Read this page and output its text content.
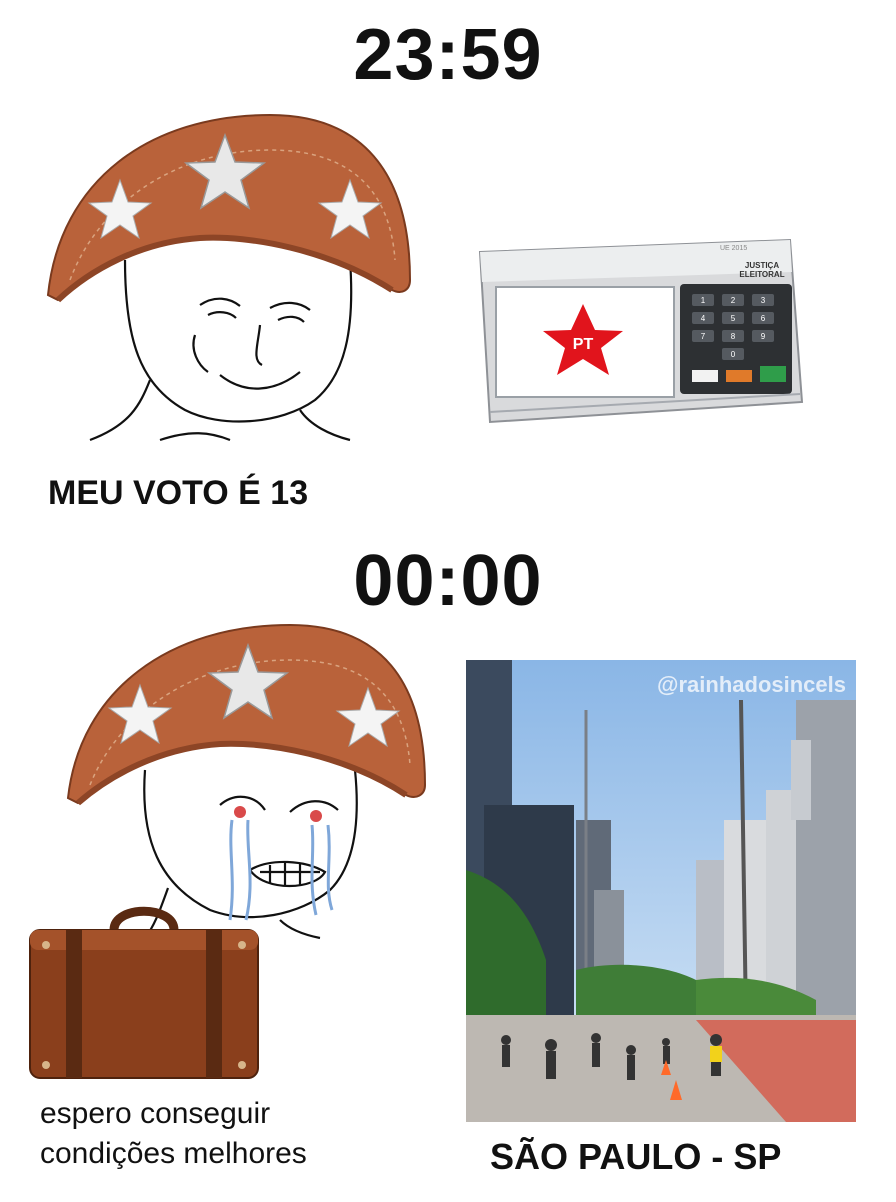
23:59
1	2	3
4	5	6
7	8	9
0
JUSTIÇA
ELEITORAL
UE 2015
PT
MEU VOTO É 13
00:00
@rainhadosincels
espero conseguir
condições melhores	SÃO PAULO - SP
